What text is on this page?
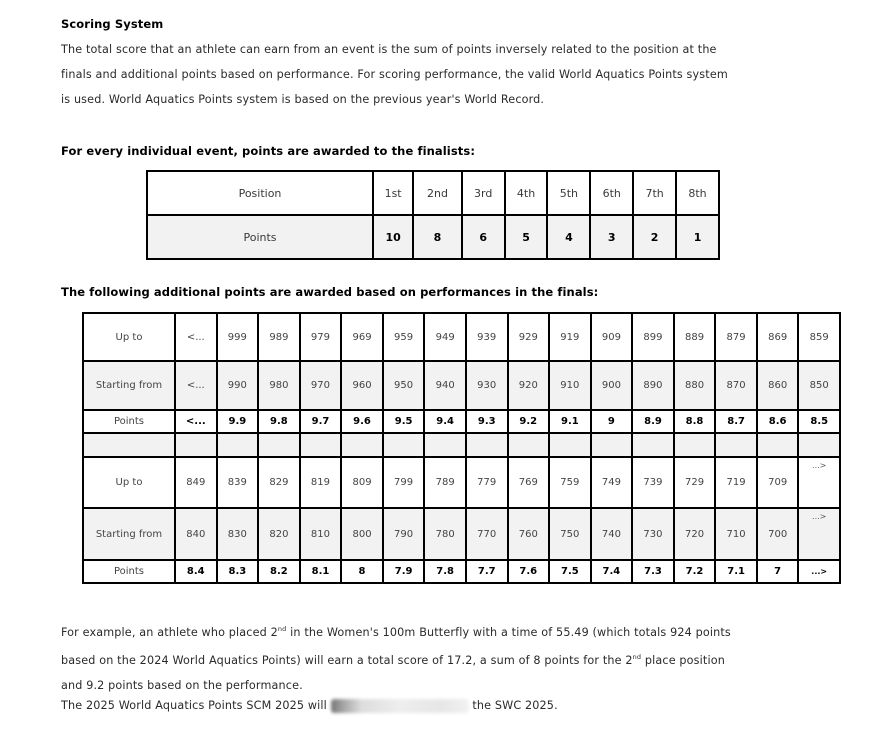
Scoring System
The total score that an athlete can earn from an event is the sum of points inversely related to the position at the
finals and additional points based on performance. For scoring performance, the valid World Aquatics Points system
is used. World Aquatics Points system is based on the previous year's World Record.
For every individual event, points are awarded to the finalists:
Position	1st	2nd	3rd	4th	5th	6th	7th	8th
Points	10	8	6	5	4	3	2	1
The following additional points are awarded based on performances in the finals:
Up to	<...	999	989	979	969	959	949	939	929	919	909	899	889	879	869	859
Starting from	<...	990	980	970	960	950	940	930	920	910	900	890	880	870	860	850
Points	<...	9.9	9.8	9.7	9.6	9.5	9.4	9.3	9.2	9.1	9	8.9	8.8	8.7	8.6	8.5

Up to	849	839	829	819	809	799	789	779	769	759	749	739	729	719	709	...>
Starting from	840	830	820	810	800	790	780	770	760	750	740	730	720	710	700	...>
Points	8.4	8.3	8.2	8.1	8	7.9	7.8	7.7	7.6	7.5	7.4	7.3	7.2	7.1	7	...>
For example, an athlete who placed 2nd in the Women's 100m Butterfly with a time of 55.49 (which totals 924 points
based on the 2024 World Aquatics Points) will earn a total score of 17.2, a sum of 8 points for the 2nd place position
and 9.2 points based on the performance.
The 2025 World Aquatics Points SCM 2025 will	the SWC 2025.
